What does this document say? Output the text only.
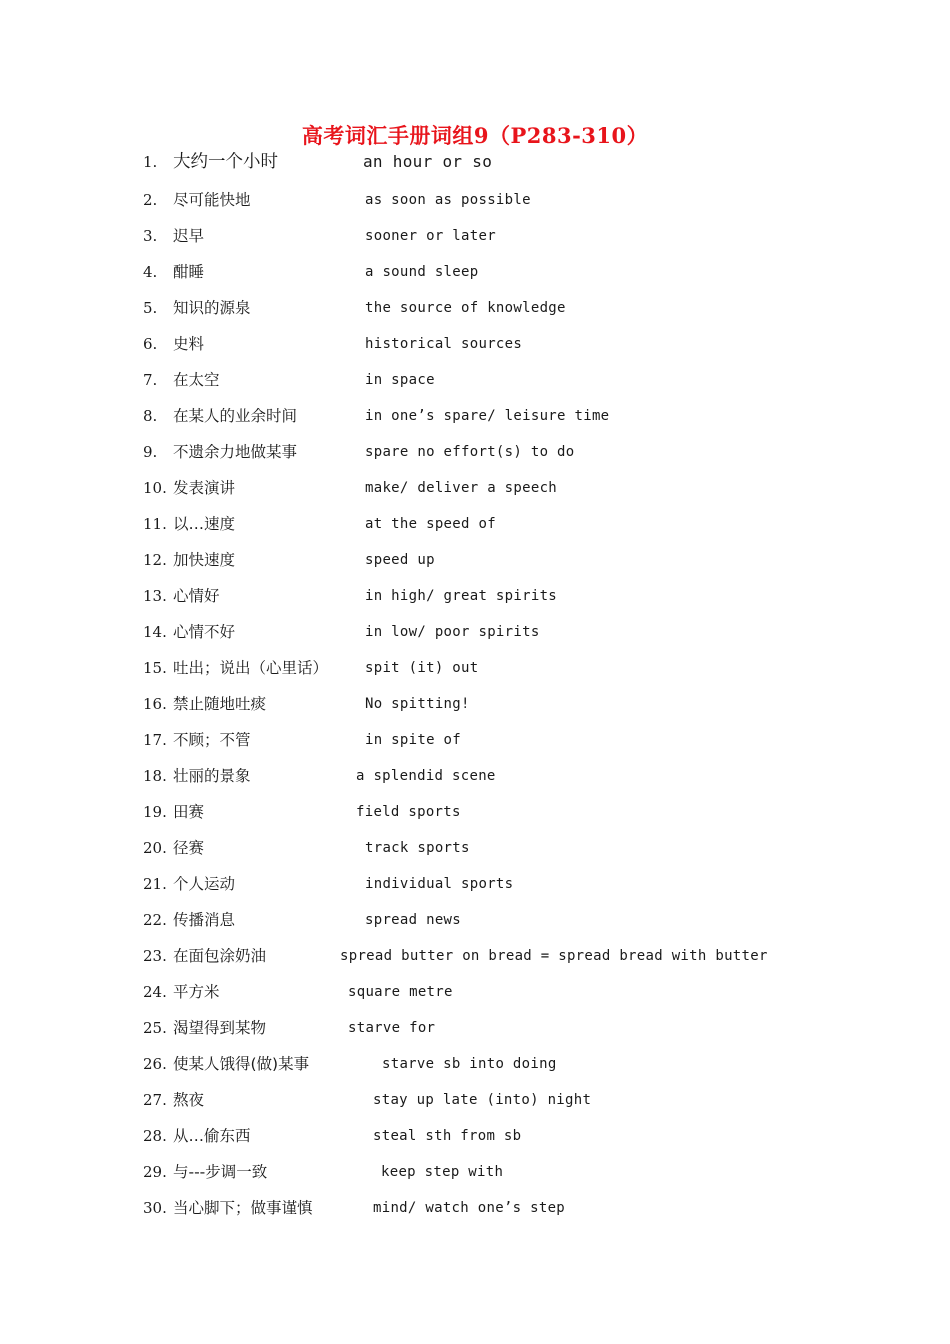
高考词汇手册词组9（P283-310）
1. 大约一个小时	an hour or so
2. 尽可能快地	as soon as possible
3. 迟早	sooner or later
4. 酣睡	a sound sleep
5. 知识的源泉	the source of knowledge
6. 史料	historical sources
7. 在太空	in space
8. 在某人的业余时间	in one’s spare/ leisure time
9. 不遗余力地做某事	spare no effort(s) to do
10. 发表演讲	make/ deliver a speech
11. 以…速度	at the speed of
12. 加快速度	speed up
13. 心情好	in high/ great spirits
14. 心情不好	in low/ poor spirits
15. 吐出；说出（心里话）	spit (it) out
16. 禁止随地吐痰	No spitting!
17. 不顾；不管	in spite of
18. 壮丽的景象	a splendid scene
19. 田赛	field sports
20. 径赛	track sports
21. 个人运动	individual sports
22. 传播消息	spread news
23. 在面包涂奶油	spread butter on bread = spread bread with butter
24. 平方米	square metre
25. 渴望得到某物	starve for
26. 使某人饿得(做)某事	starve sb into doing
27. 熬夜	stay up late (into) night
28. 从…偷东西	steal sth from sb
29. 与---步调一致	keep step with
30. 当心脚下；做事谨慎	mind/ watch one’s step
